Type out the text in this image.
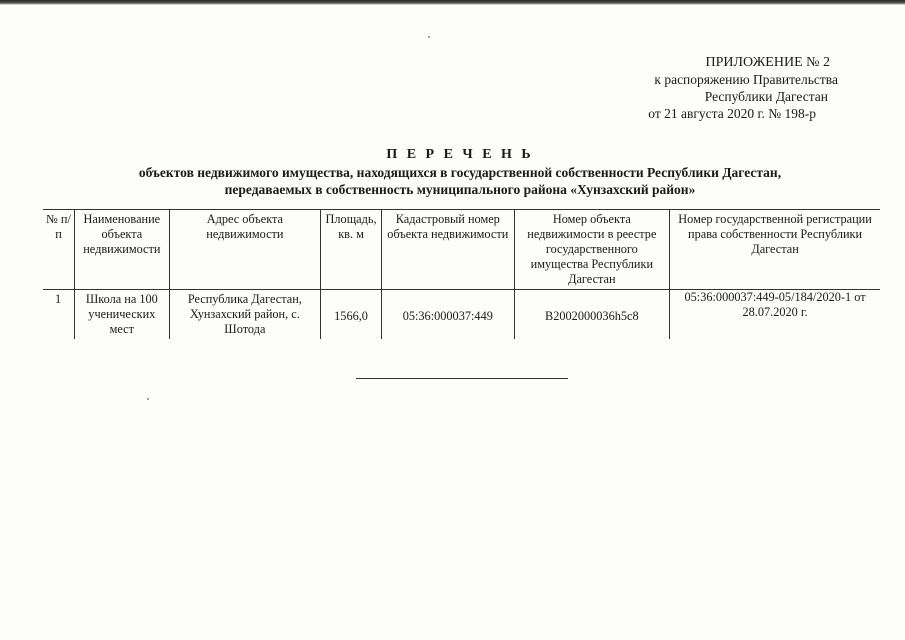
ПРИЛОЖЕНИЕ № 2
к распоряжению Правительства
Республики Дагестан
от 21 августа 2020 г. № 198-р
П Е Р Е Ч Е Н Ь
объектов недвижимого имущества, находящихся в государственной собственности Республики Дагестан,
передаваемых в собственность муниципального района «Хунзахский район»
№ п/п	Наименование объекта недвижимости	Адрес объекта недвижимости	Площадь, кв. м	Кадастровый номер объекта недвижимости	Номер объекта недвижимости в реестре государственного имущества Республики Дагестан	Номер государственной регистрации права собственности Республики Дагестан
1	Школа на 100 ученических мест	Республика Дагестан, Хунзахский район, с. Шотода	1566,0	05:36:000037:449	В2002000036h5c8	05:36:000037:449-05/184/2020-1 от 28.07.2020 г.
